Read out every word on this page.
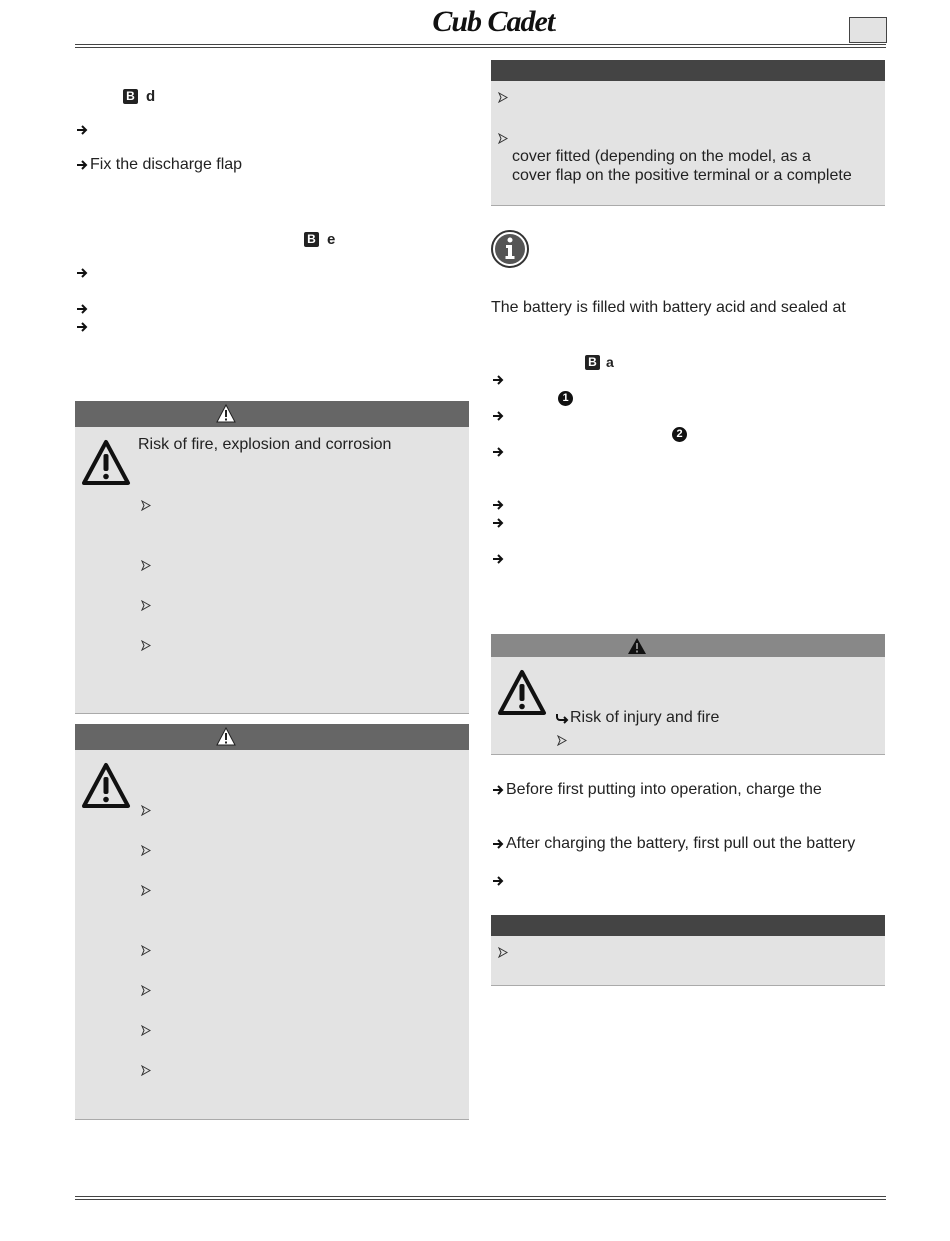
Cub Cadet.
B d
Fix the discharge flap
B e
Risk of fire, explosion and corrosion
cover fitted (depending on the model, as a
cover flap on the positive terminal or a complete
The battery is filled with battery acid and sealed at
B a
1
2
Risk of injury and fire
Before first putting into operation, charge the
After charging the battery, first pull out the battery
